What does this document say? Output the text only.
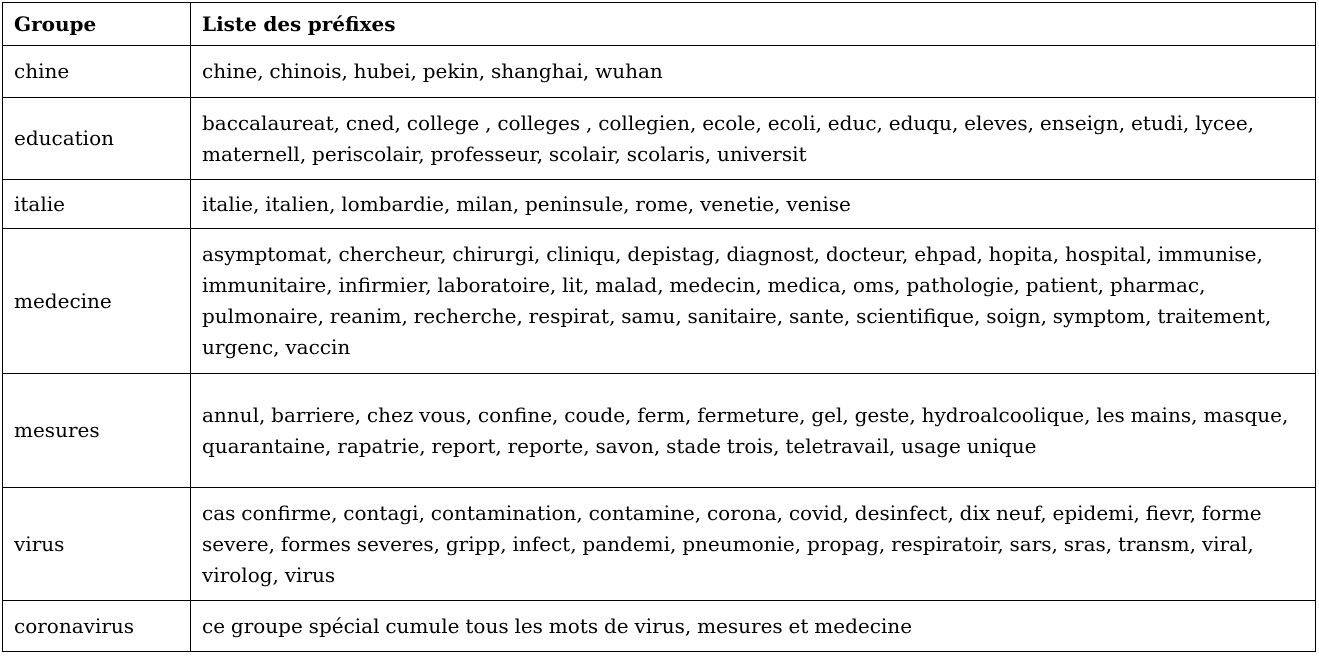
Groupe	Liste des préfixes
chine	chine, chinois, hubei, pekin, shanghai, wuhan
education	baccalaureat, cned, college , colleges , collegien, ecole, ecoli, educ, eduqu, eleves, enseign, etudi, lycee, maternell, periscolair, professeur, scolair, scolaris, universit
italie	italie, italien, lombardie, milan, peninsule, rome, venetie, venise
medecine	asymptomat, chercheur, chirurgi, cliniqu, depistag, diagnost, docteur, ehpad, hopita, hospital, immunise, immunitaire, infirmier, laboratoire, lit, malad, medecin, medica, oms, pathologie, patient, pharmac, pulmonaire, reanim, recherche, respirat, samu, sanitaire, sante, scientifique, soign, symptom, traitement, urgenc, vaccin
mesures	annul, barriere, chez vous, confine, coude, ferm, fermeture, gel, geste, hydroalcoolique, les mains, masque, quarantaine, rapatrie, report, reporte, savon, stade trois, teletravail, usage unique
virus	cas confirme, contagi, contamination, contamine, corona, covid, desinfect, dix neuf, epidemi, fievr, forme severe, formes severes, gripp, infect, pandemi, pneumonie, propag, respiratoir, sars, sras, transm, viral, virolog, virus
coronavirus	ce groupe spécial cumule tous les mots de virus, mesures et medecine
